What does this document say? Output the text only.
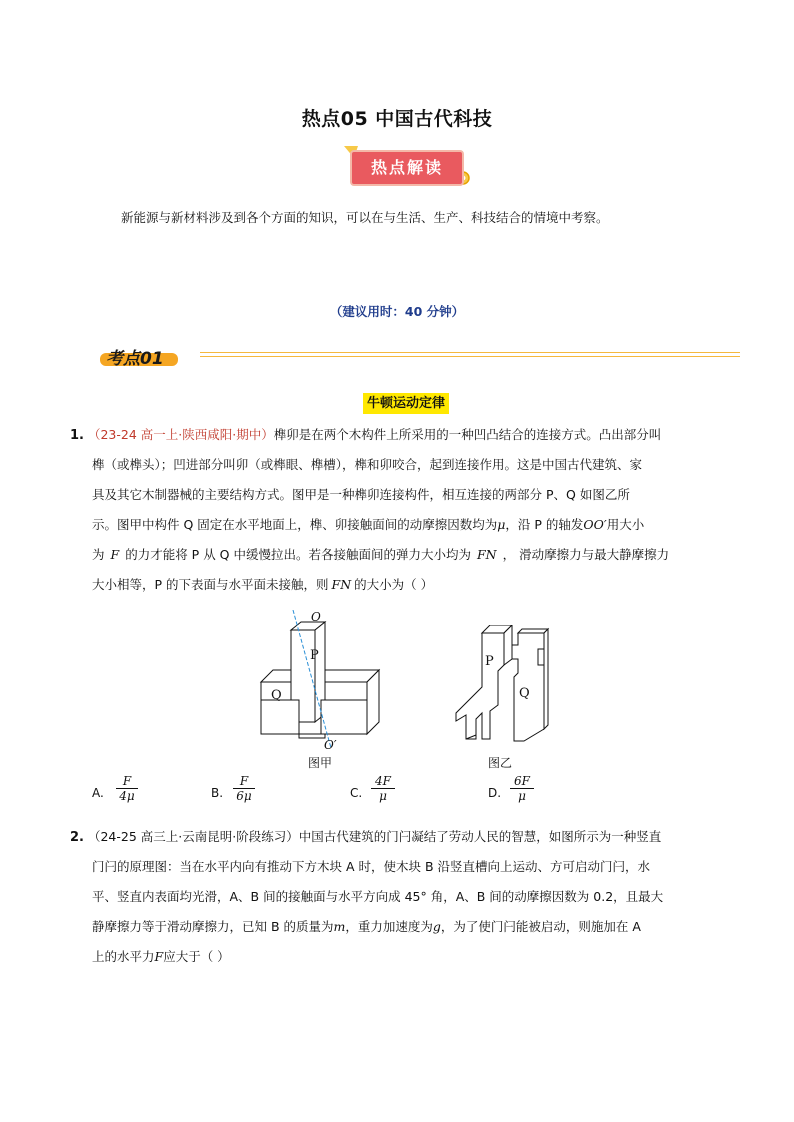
热点05 中国古代科技
热点解读
新能源与新材料涉及到各个方面的知识，可以在与生活、生产、科技结合的情境中考察。
（建议用时：40 分钟）
考点01
牛顿运动定律
1. （23-24 高一上·陕西咸阳·期中）榫卯是在两个木构件上所采用的一种凹凸结合的连接方式。凸出部分叫
榫（或榫头）；凹进部分叫卯（或榫眼、榫槽），榫和卯咬合，起到连接作用。这是中国古代建筑、家
具及其它木制器械的主要结构方式。图甲是一种榫卯连接构件，相互连接的两部分 P、Q 如图乙所
示。图甲中构件 Q 固定在水平地面上，榫、卯接触面间的动摩擦因数均为μ，沿 P 的轴发OO′用大小
为 F 的力才能将 P 从 Q 中缓慢拉出。若各接触面间的弹力大小均为 FN ， 滑动摩擦力与最大静摩擦力
大小相等，P 的下表面与水平面未接触，则 FN 的大小为（ ）
O
P
Q
O′
图甲
P
Q
图乙
A. $\frac{F}{4\mu}$	B. $\frac{F}{6\mu}$	C. $\frac{4F}{\mu}$	D. $\frac{6F}{\mu}$
2. （24-25 高三上·云南昆明·阶段练习）中国古代建筑的门闩凝结了劳动人民的智慧，如图所示为一种竖直
门闩的原理图：当在水平内向有推动下方木块 A 时，使木块 B 沿竖直槽向上运动、方可启动门闩，水
平、竖直内表面均光滑，A、B 间的接触面与水平方向成 45° 角，A、B 间的动摩擦因数为 0.2，且最大
静摩擦力等于滑动摩擦力，已知 B 的质量为m，重力加速度为g，为了使门闩能被启动，则施加在 A
上的水平力F应大于（ ）
